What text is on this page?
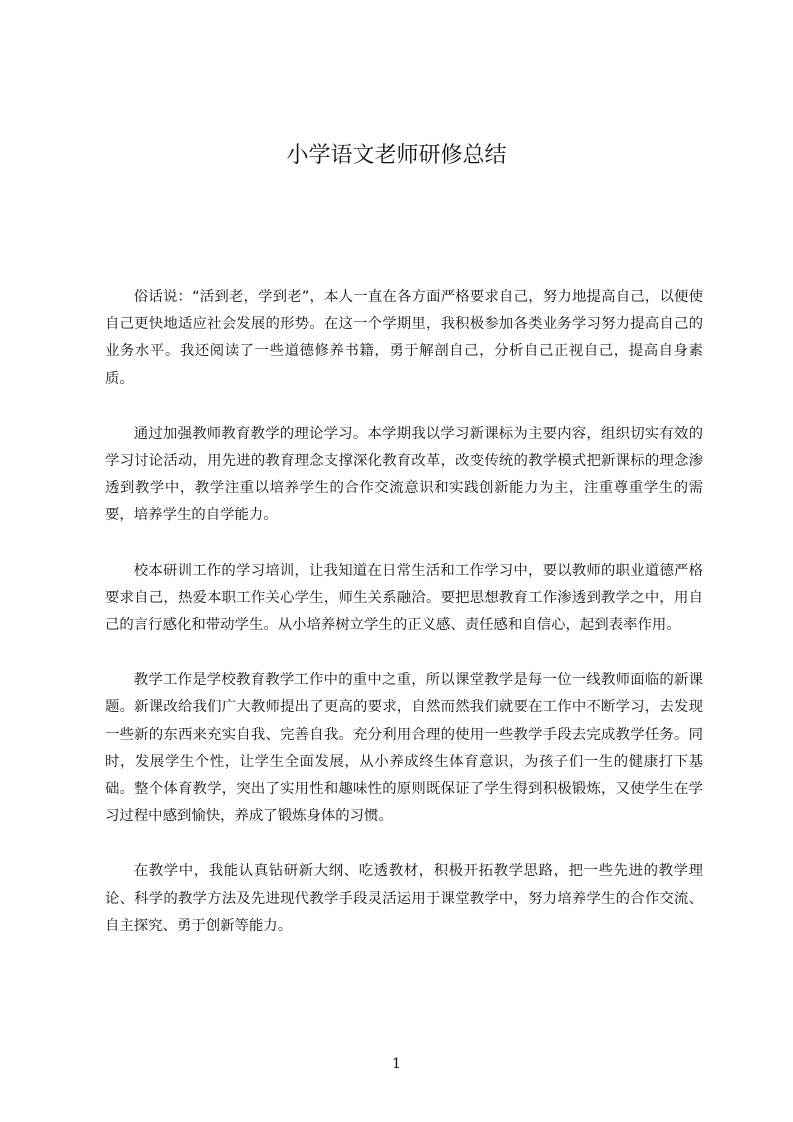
小学语文老师研修总结

俗话说：“活到老，学到老”，本人一直在各方面严格要求自己，努力地提高自己，以便使自己更快地适应社会发展的形势。在这一个学期里，我积极参加各类业务学习努力提高自己的业务水平。我还阅读了一些道德修养书籍，勇于解剖自己，分析自己正视自己，提高自身素质。

通过加强教师教育教学的理论学习。本学期我以学习新课标为主要内容，组织切实有效的学习讨论活动，用先进的教育理念支撑深化教育改革，改变传统的教学模式把新课标的理念渗透到教学中，教学注重以培养学生的合作交流意识和实践创新能力为主，注重尊重学生的需要，培养学生的自学能力。

校本研训工作的学习培训，让我知道在日常生活和工作学习中，要以教师的职业道德严格要求自己，热爱本职工作关心学生，师生关系融洽。要把思想教育工作渗透到教学之中，用自己的言行感化和带动学生。从小培养树立学生的正义感、责任感和自信心，起到表率作用。

教学工作是学校教育教学工作中的重中之重，所以课堂教学是每一位一线教师面临的新课题。新课改给我们广大教师提出了更高的要求，自然而然我们就要在工作中不断学习，去发现一些新的东西来充实自我、完善自我。充分利用合理的使用一些教学手段去完成教学任务。同时，发展学生个性，让学生全面发展，从小养成终生体育意识，为孩子们一生的健康打下基础。整个体育教学，突出了实用性和趣味性的原则既保证了学生得到积极锻炼，又使学生在学习过程中感到愉快，养成了锻炼身体的习惯。

在教学中，我能认真钻研新大纲、吃透教材，积极开拓教学思路，把一些先进的教学理论、科学的教学方法及先进现代教学手段灵活运用于课堂教学中，努力培养学生的合作交流、自主探究、勇于创新等能力。

1
